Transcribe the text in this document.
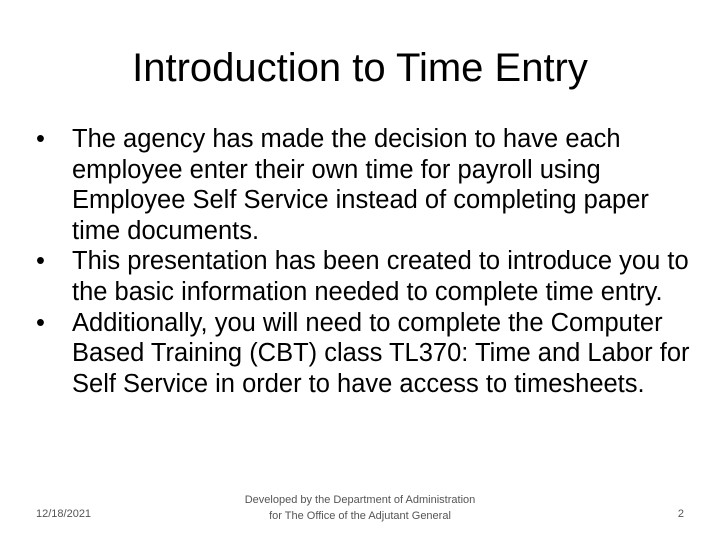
Introduction to Time Entry
•	The agency has made the decision to have each employee enter their own time for payroll using Employee Self Service instead of completing paper time documents.
•	This presentation has been created to introduce you to the basic information needed to complete time entry.
•	Additionally, you will need to complete the Computer Based Training (CBT) class TL370: Time and Labor for Self Service in order to have access to timesheets.
12/18/2021
Developed by the Department of Administration for The Office of the Adjutant General	2
